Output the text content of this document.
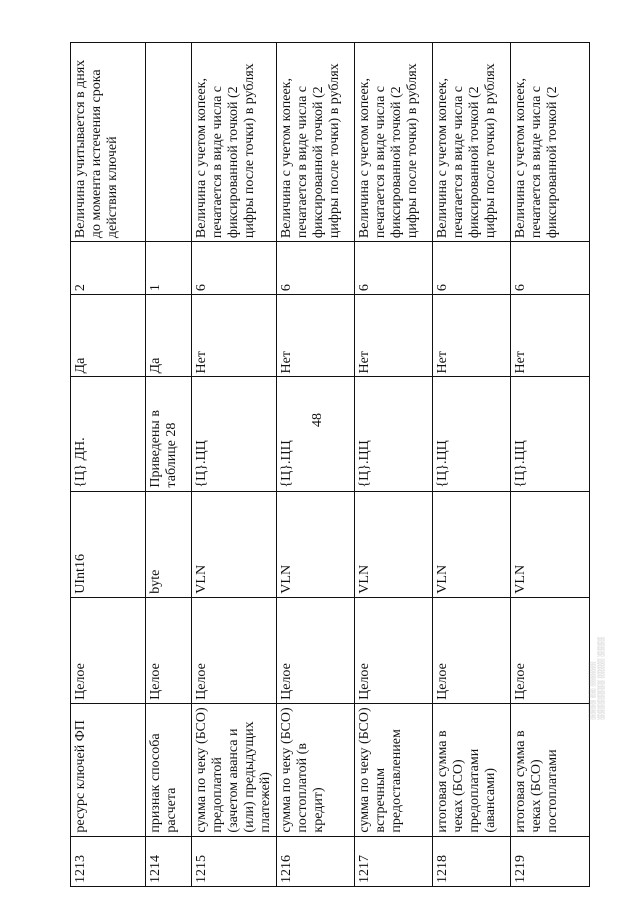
48
1213	ресурс ключей ФП	Целое	UInt16	{Ц} ДН.	Да	2	Величина учитывается в днях до момента истечения срока действия ключей
1214	признак способа расчета	Целое	byte	Приведены в таблице 28	Да	1	
1215	сумма по чеку (БСО) предоплатой (зачетом аванса и (или) предыдущих платежей)	Целое	VLN	{Ц}.ЦЦ	Нет	6	Величина с учетом копеек, печатается в виде числа с фиксированной точкой (2 цифры после точки) в рублях
1216	сумма по чеку (БСО) постоплатой (в кредит)	Целое	VLN	{Ц}.ЦЦ	Нет	6	Величина с учетом копеек, печатается в виде числа с фиксированной точкой (2 цифры после точки) в рублях
1217	сумма по чеку (БСО) встречным предоставлением	Целое	VLN	{Ц}.ЦЦ	Нет	6	Величина с учетом копеек, печатается в виде числа с фиксированной точкой (2 цифры после точки) в рублях
1218	итоговая сумма в чеках (БСО) предоплатами (авансами)	Целое	VLN	{Ц}.ЦЦ	Нет	6	Величина с учетом копеек, печатается в виде числа с фиксированной точкой (2 цифры после точки) в рублях
1219	итоговая сумма в чеках (БСО) постоплатами	Целое	VLN	{Ц}.ЦЦ	Нет	6	Величина с учетом копеек, печатается в виде числа с фиксированной точкой (2
░░░░ ░░ ░░░░░ ░░░░░░░░ ░░░░ ░░░░
